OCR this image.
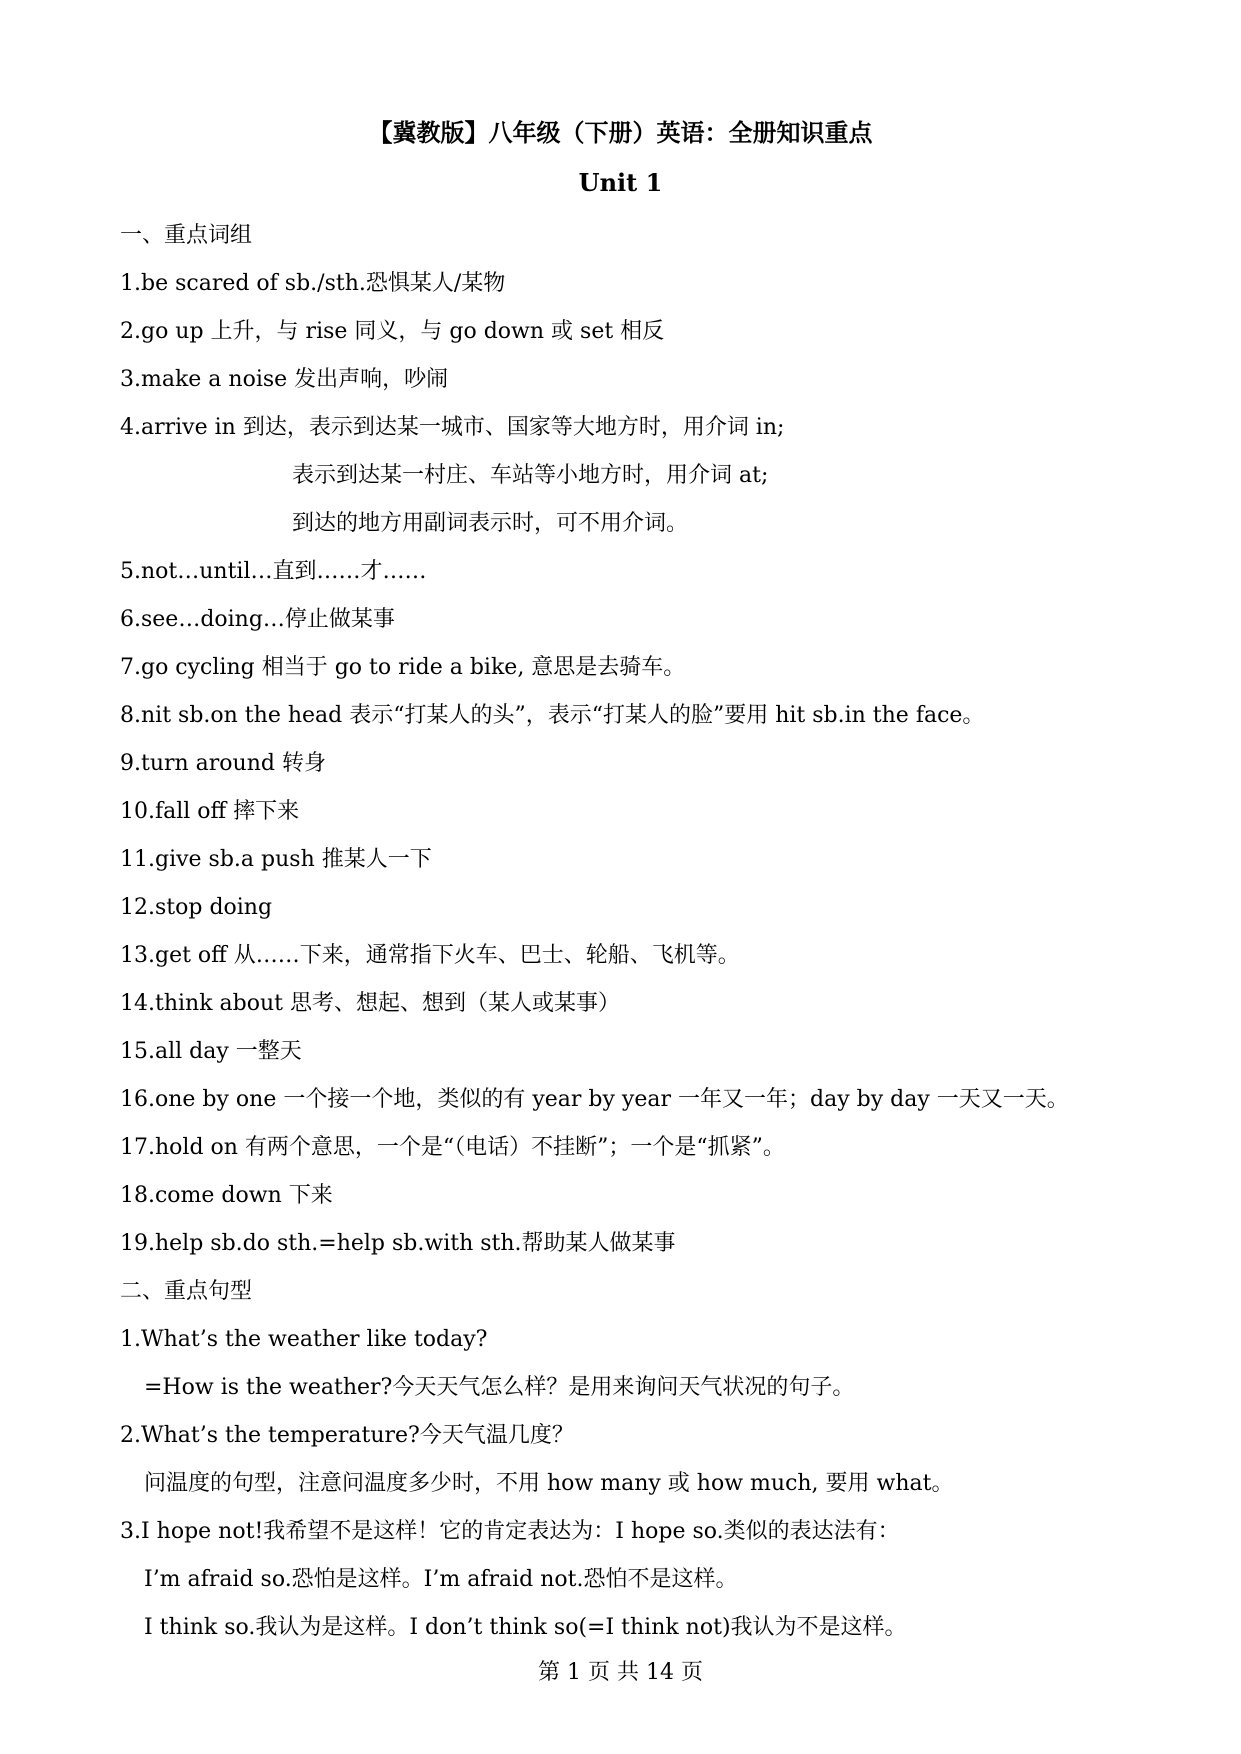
【冀教版】八年级（下册）英语：全册知识重点
Unit 1
一、重点词组
1.be scared of sb./sth.恐惧某人/某物
2.go up 上升，与 rise 同义，与 go down 或 set 相反
3.make a noise 发出声响，吵闹
4.arrive in 到达，表示到达某一城市、国家等大地方时，用介词 in;
表示到达某一村庄、车站等小地方时，用介词 at;
到达的地方用副词表示时，可不用介词。
5.not…until…直到……才……
6.see…doing…停止做某事
7.go cycling 相当于 go to ride a bike, 意思是去骑车。
8.nit sb.on the head 表示“打某人的头”，表示“打某人的脸”要用 hit sb.in the face。
9.turn around 转身
10.fall off 摔下来
11.give sb.a push 推某人一下
12.stop doing
13.get off 从……下来，通常指下火车、巴士、轮船、飞机等。
14.think about 思考、想起、想到（某人或某事）
15.all day 一整天
16.one by one 一个接一个地，类似的有 year by year 一年又一年；day by day 一天又一天。
17.hold on 有两个意思，一个是“（电话）不挂断”；一个是“抓紧”。
18.come down 下来
19.help sb.do sth.=help sb.with sth.帮助某人做某事
二、重点句型
1.What’s the weather like today?
=How is the weather?今天天气怎么样？是用来询问天气状况的句子。
2.What’s the temperature?今天气温几度？
问温度的句型，注意问温度多少时，不用 how many 或 how much, 要用 what。
3.I hope not!我希望不是这样！它的肯定表达为：I hope so.类似的表达法有：
I’m afraid so.恐怕是这样。I’m afraid not.恐怕不是这样。
I think so.我认为是这样。I don’t think so(=I think not)我认为不是这样。
第 1 页 共 14 页
